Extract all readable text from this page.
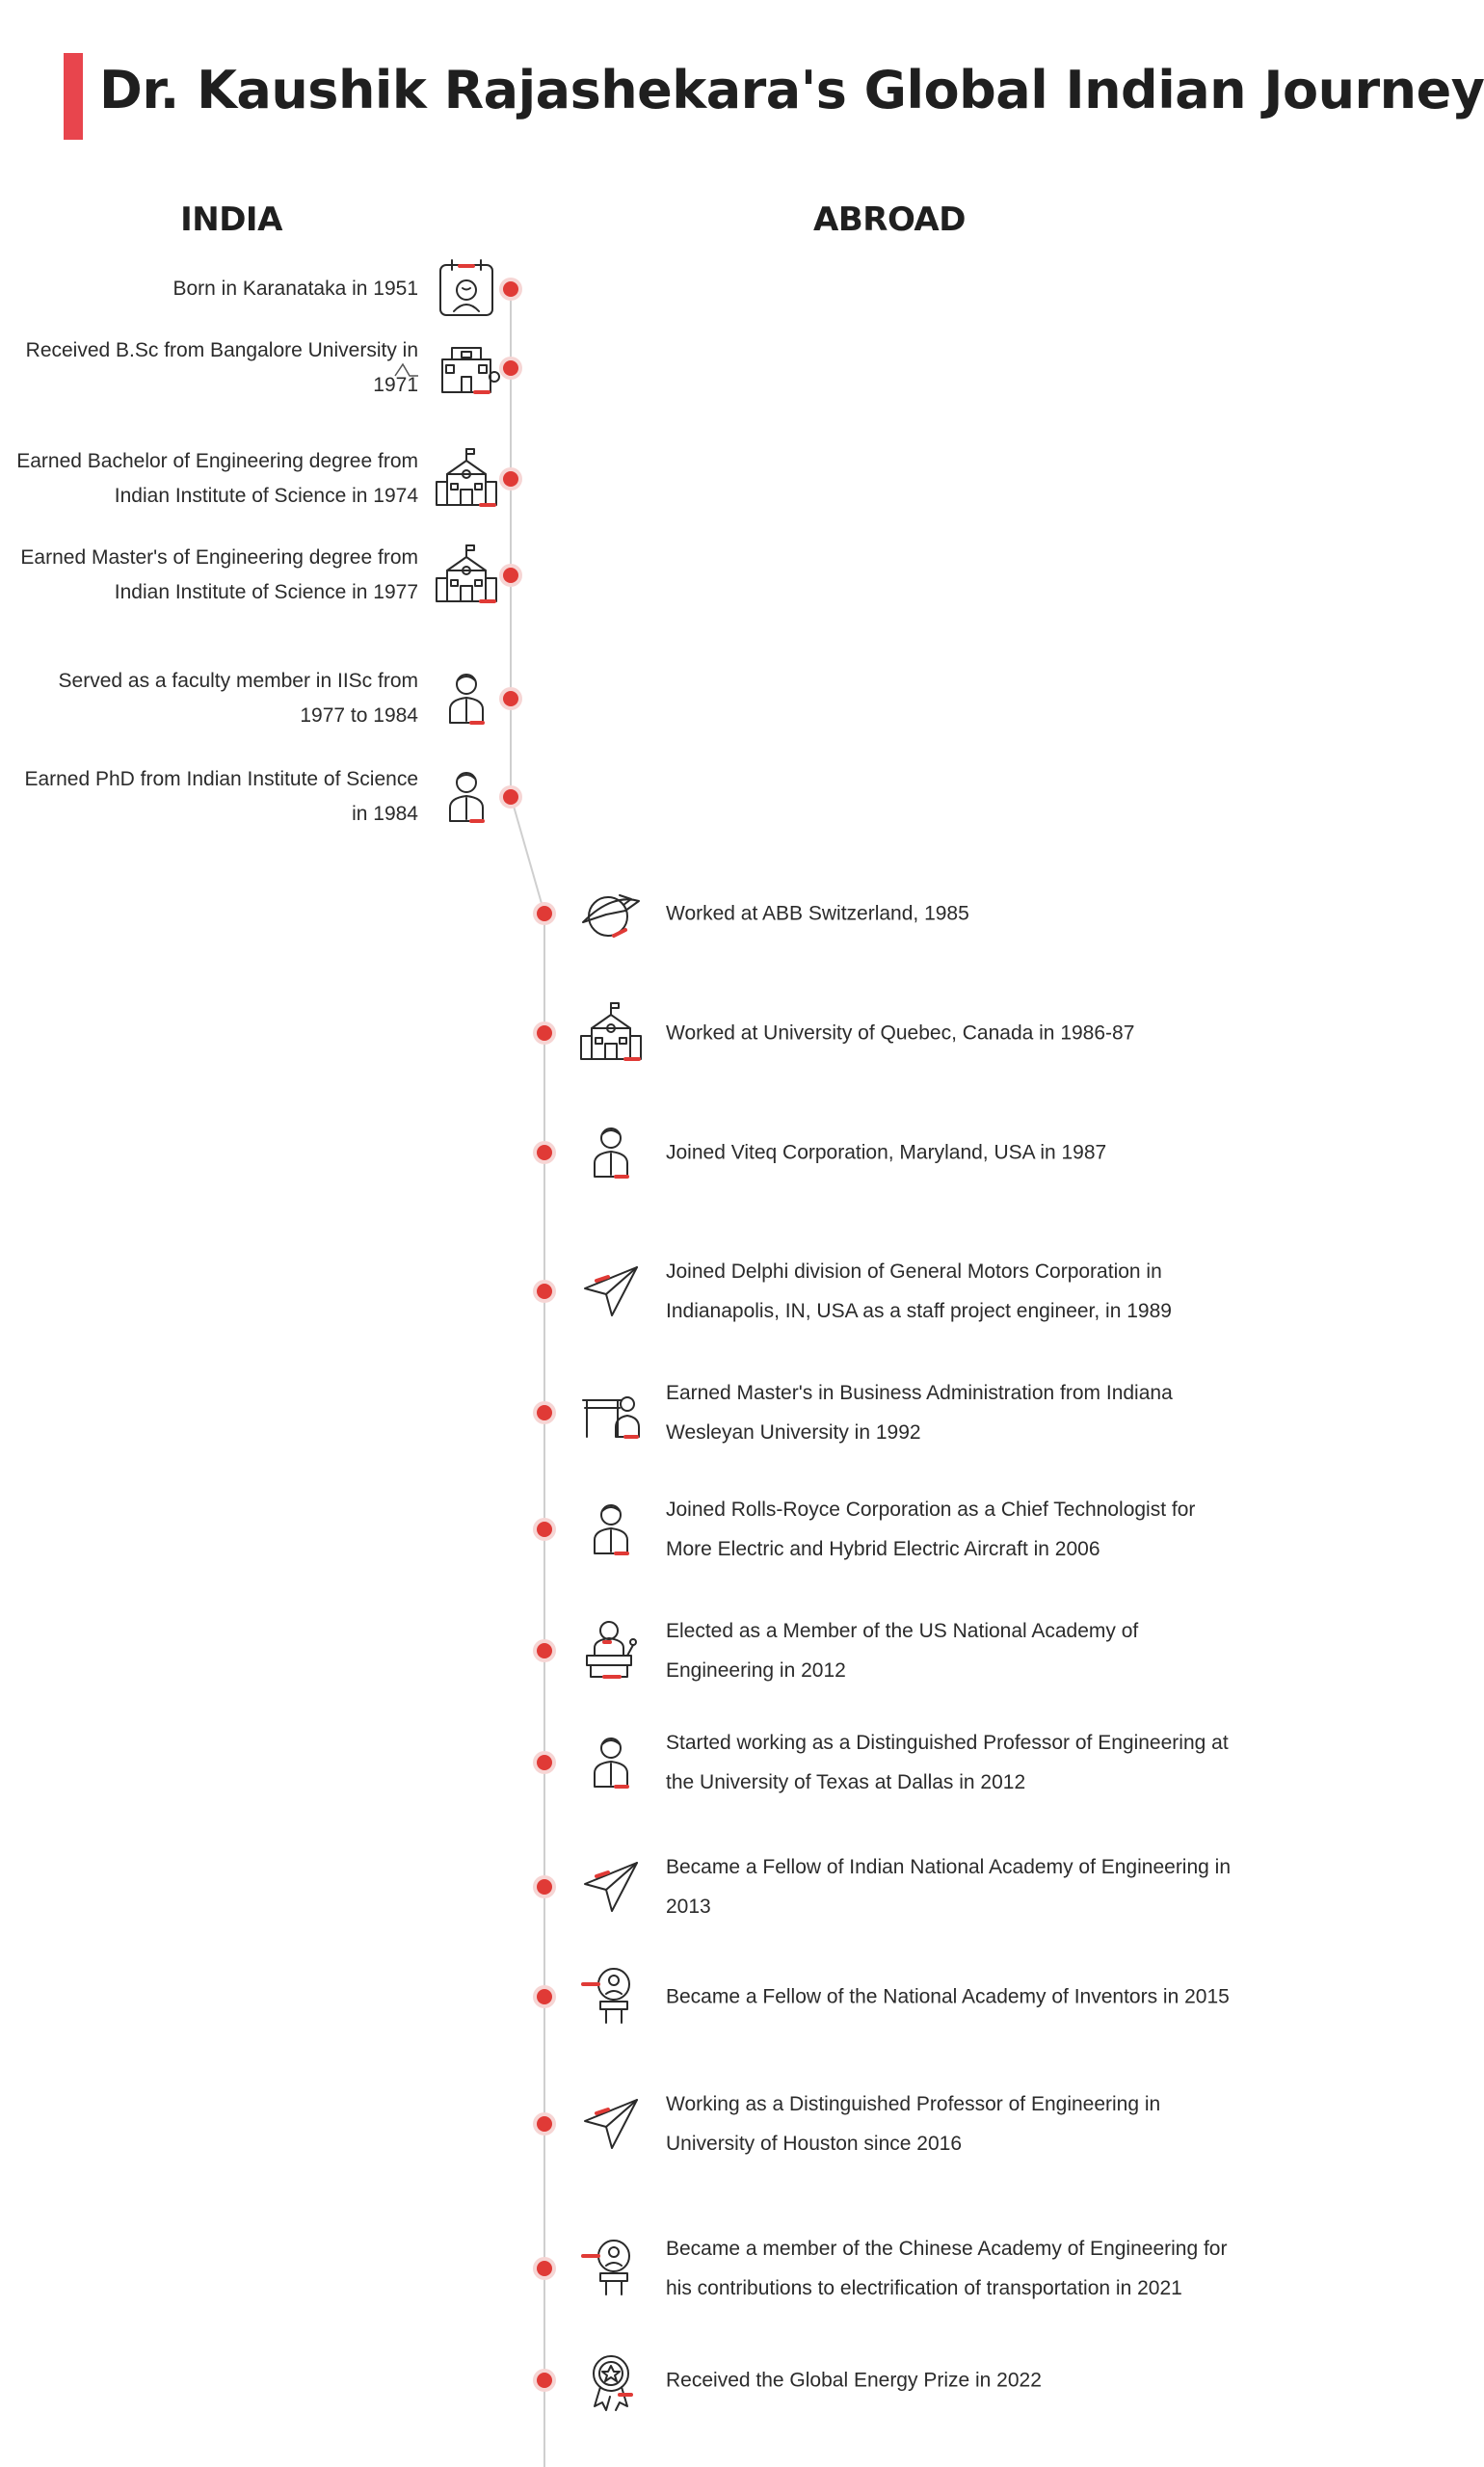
Dr. Kaushik Rajashekara's Global Indian Journey
INDIA	ABROAD
Born in Karanataka in 1951
Received B.Sc from Bangalore University in 1971
Earned Bachelor of Engineering degree from Indian Institute of Science in 1974
Earned Master's of Engineering degree from Indian Institute of Science in 1977
Served as a faculty member in IISc from 1977 to 1984
Earned PhD from Indian Institute of Science in 1984
Worked at ABB Switzerland, 1985
Worked at University of Quebec, Canada in 1986-87
Joined Viteq Corporation, Maryland, USA in 1987
Joined Delphi division of General Motors Corporation in Indianapolis, IN, USA as a staff project engineer, in 1989
Earned Master's in Business Administration from Indiana Wesleyan University in 1992
Joined Rolls-Royce Corporation as a Chief Technologist for More Electric and Hybrid Electric Aircraft in 2006
Elected as a Member of the US National Academy of Engineering in 2012
Started working as a Distinguished Professor of Engineering at the University of Texas at Dallas in 2012
Became a Fellow of Indian National Academy of Engineering in 2013
Became a Fellow of the National Academy of Inventors in 2015
Working as a Distinguished Professor of Engineering in University of Houston since 2016
Became a member of the Chinese Academy of Engineering for his contributions to electrification of transportation in 2021
Received the Global Energy Prize in 2022
